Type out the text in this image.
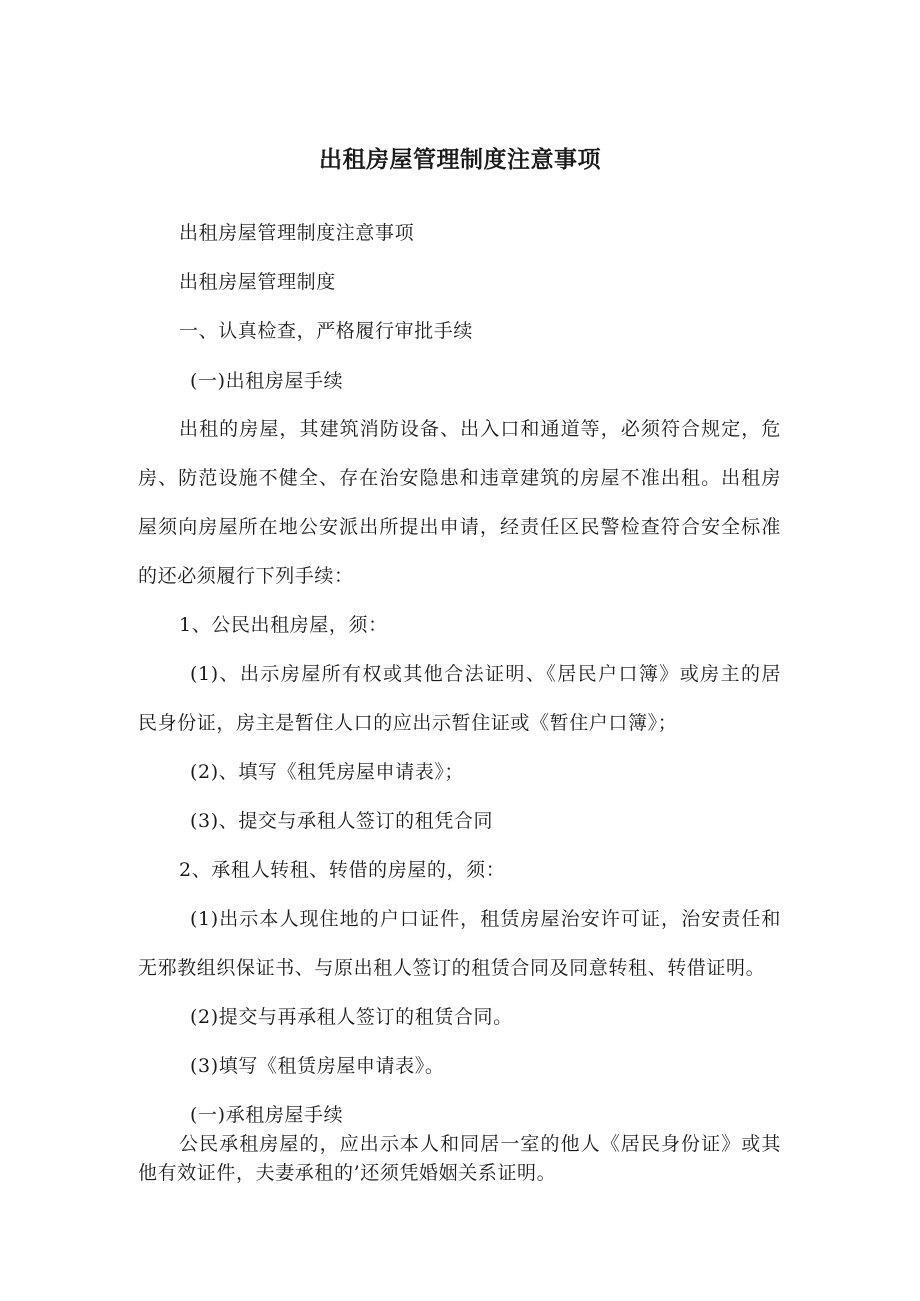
出租房屋管理制度注意事项
出租房屋管理制度注意事项
出租房屋管理制度
一、认真检查，严格履行审批手续
(一)出租房屋手续
出租的房屋，其建筑消防设备、出入口和通道等，必须符合规定，危
房、防范设施不健全、存在治安隐患和违章建筑的房屋不准出租。出租房
屋须向房屋所在地公安派出所提出申请，经责任区民警检查符合安全标准
的还必须履行下列手续：
1、公民出租房屋，须：
(1)、出示房屋所有权或其他合法证明、《居民户口簿》或房主的居
民身份证，房主是暂住人口的应出示暂住证或《暂住户口簿》；
(2)、填写《租凭房屋申请表》；
(3)、提交与承租人签订的租凭合同
2、承租人转租、转借的房屋的，须：
(1)出示本人现住地的户口证件，租赁房屋治安许可证，治安责任和
无邪教组织保证书、与原出租人签订的租赁合同及同意转租、转借证明。
(2)提交与再承租人签订的租赁合同。
(3)填写《租赁房屋申请表》。
(一)承租房屋手续
公民承租房屋的，应出示本人和同居一室的他人《居民身份证》或其
他有效证件，夫妻承租的’还须凭婚姻关系证明。
